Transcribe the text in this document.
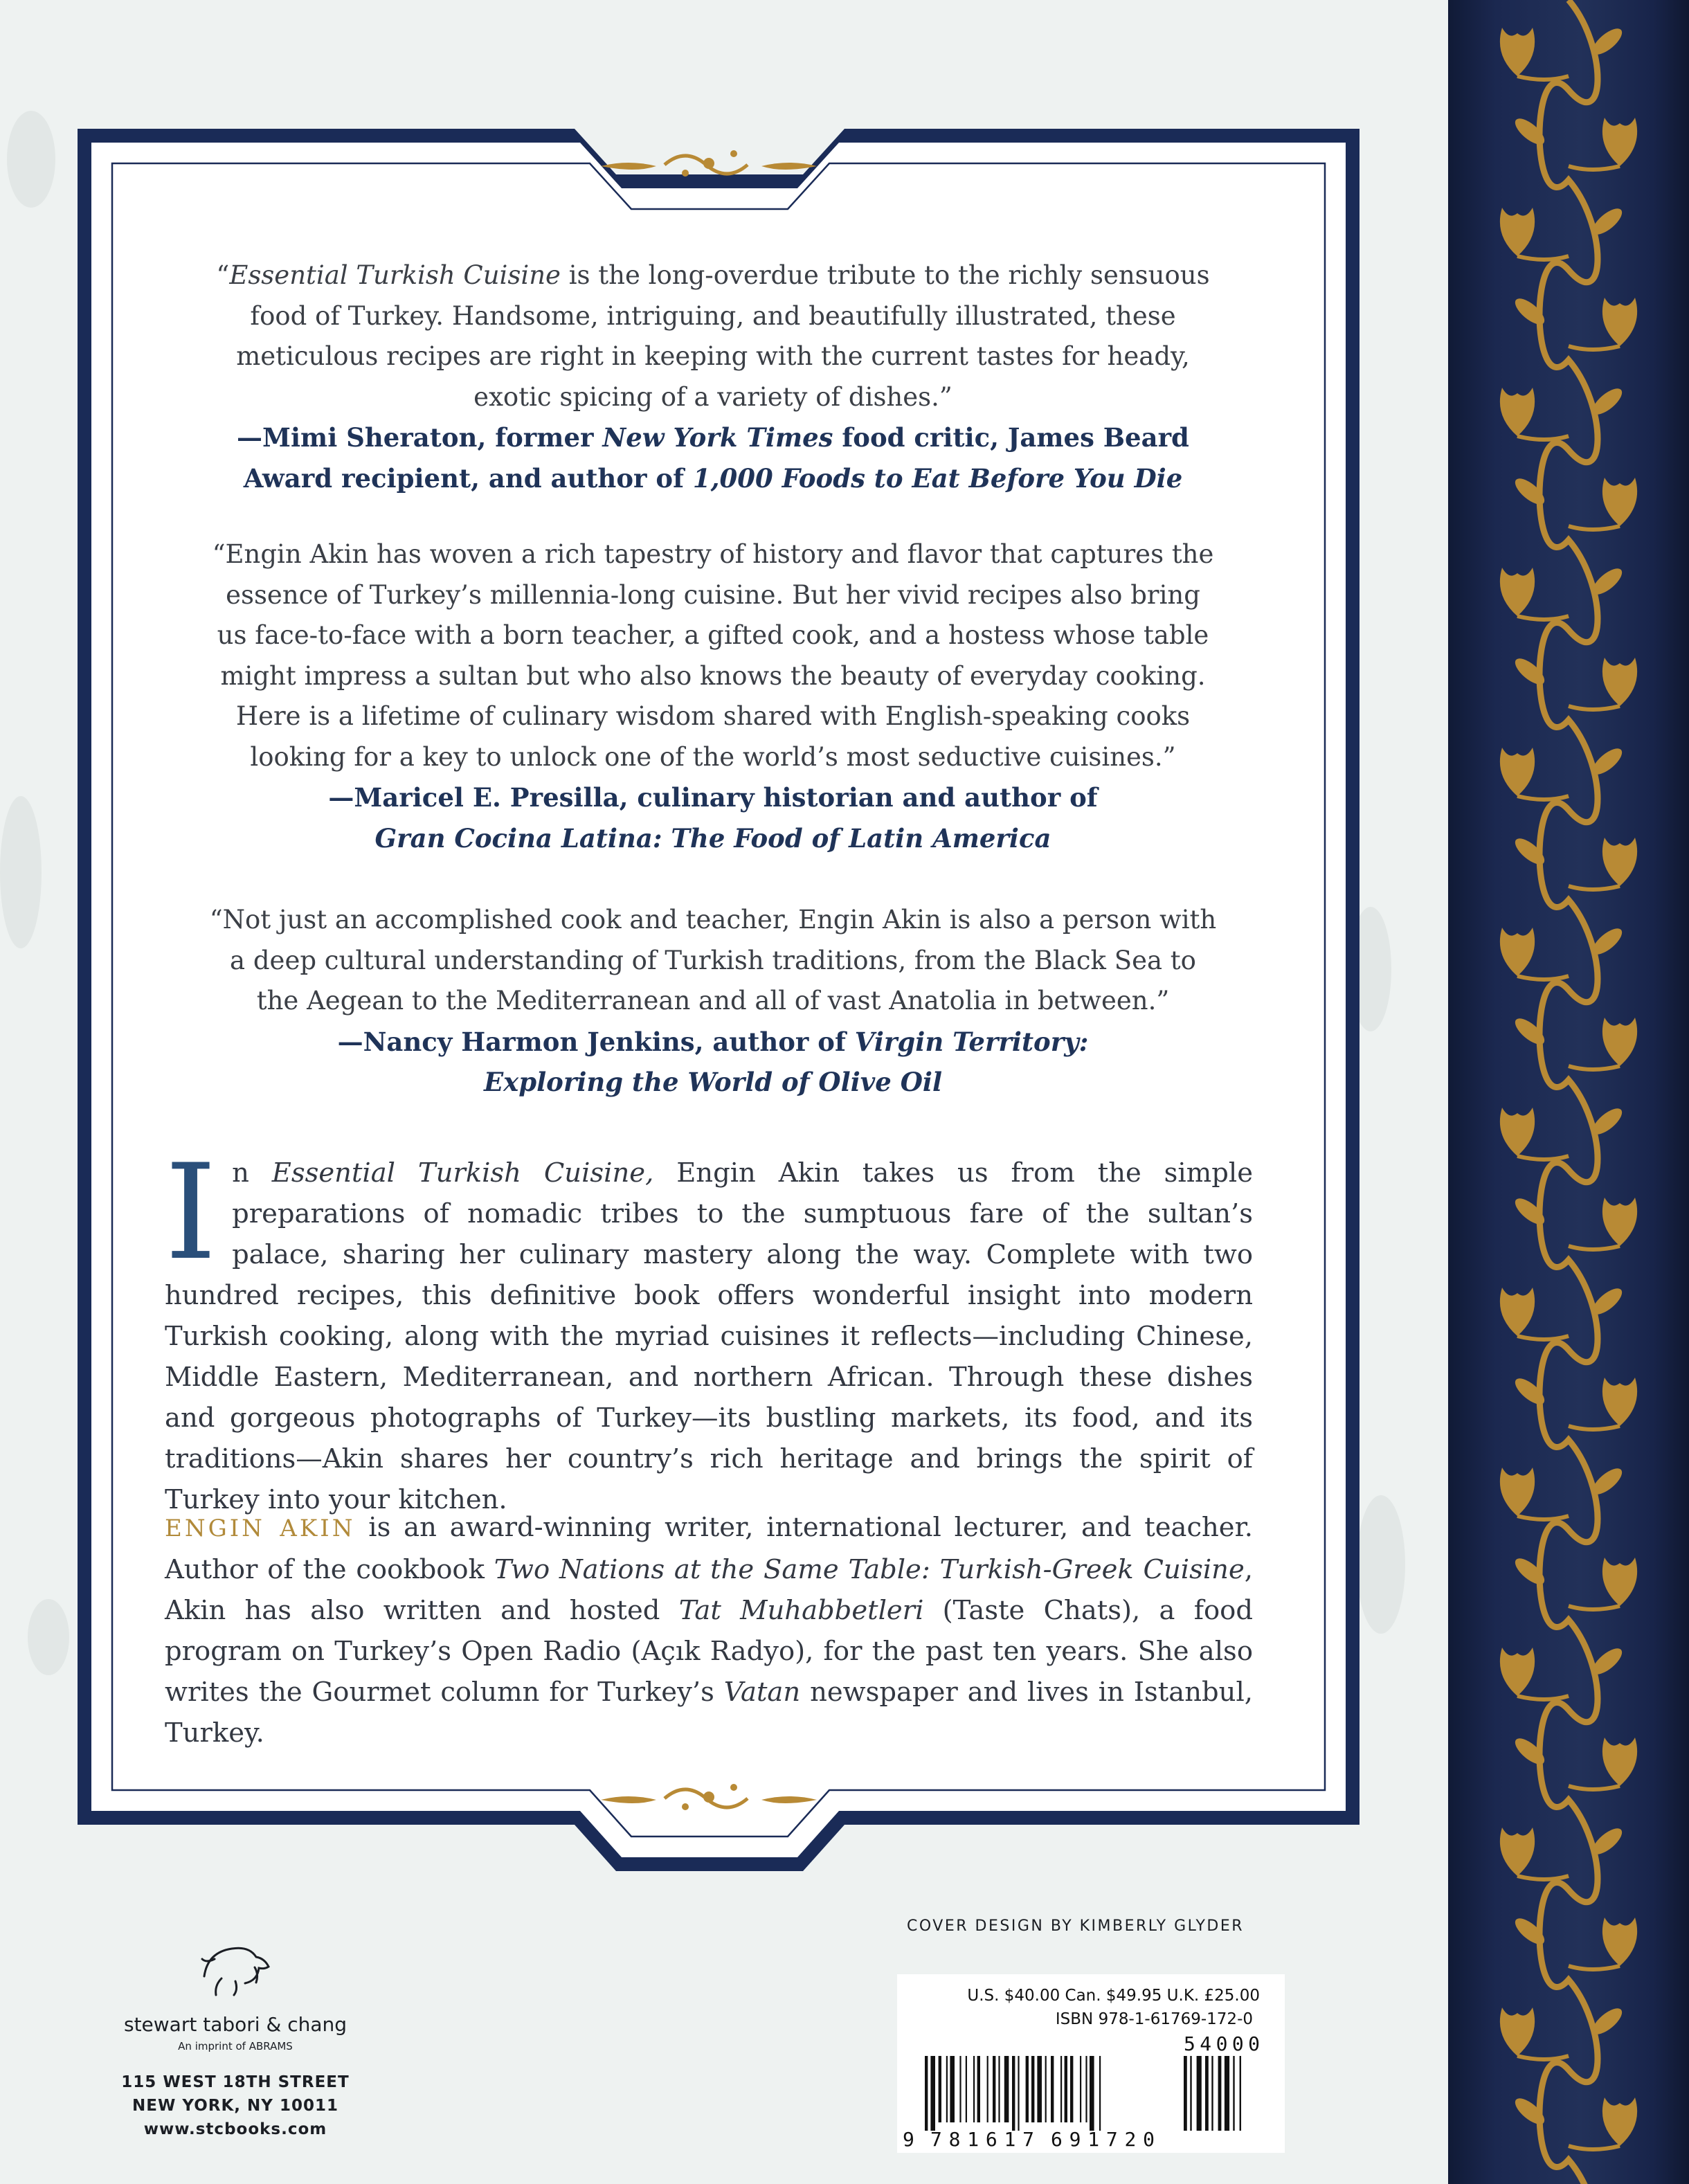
“Essential Turkish Cuisine is the long-overdue tribute to the richly sensuous food of Turkey. Handsome, intriguing, and beautifully illustrated, these meticulous recipes are right in keeping with the current tastes for heady, exotic spicing of a variety of dishes.”
—Mimi Sheraton, former New York Times food critic, James Beard Award recipient, and author of 1,000 Foods to Eat Before You Die
“Engin Akin has woven a rich tapestry of history and flavor that captures the essence of Turkey’s millennia-long cuisine. But her vivid recipes also bring us face-to-face with a born teacher, a gifted cook, and a hostess whose table might impress a sultan but who also knows the beauty of everyday cooking. Here is a lifetime of culinary wisdom shared with English-speaking cooks looking for a key to unlock one of the world’s most seductive cuisines.”
—Maricel E. Presilla, culinary historian and author of
Gran Cocina Latina: The Food of Latin America
“Not just an accomplished cook and teacher, Engin Akin is also a person with a deep cultural understanding of Turkish traditions, from the Black Sea to the Aegean to the Mediterranean and all of vast Anatolia in between.”
—Nancy Harmon Jenkins, author of Virgin Territory:
Exploring the World of Olive Oil
In Essential Turkish Cuisine, Engin Akin takes us from the simple preparations of nomadic tribes to the sumptuous fare of the sultan’s palace, sharing her culinary mastery along the way. Complete with two hundred recipes, this definitive book offers wonderful insight into modern Turkish cooking, along with the myriad cuisines it reflects—including Chinese, Middle Eastern, Mediterranean, and northern African. Through these dishes and gorgeous photographs of Turkey—its bustling markets, its food, and its traditions—Akin shares her country’s rich heritage and brings the spirit of Turkey into your kitchen.
ENGIN AKIN is an award-winning writer, international lecturer, and teacher. Author of the cookbook Two Nations at the Same Table: Turkish-Greek Cuisine, Akin has also written and hosted Tat Muhabbetleri (Taste Chats), a food program on Turkey’s Open Radio (Açık Radyo), for the past ten years. She also writes the Gourmet column for Turkey’s Vatan newspaper and lives in Istanbul, Turkey.
stewart tabori & chang
An imprint of ABRAMS
115 WEST 18TH STREET
NEW YORK, NY 10011
www.stcbooks.com
COVER DESIGN BY KIMBERLY GLYDER
U.S. $40.00 Can. $49.95 U.K. £25.00
ISBN 978-1-61769-172-0
9 781617 691720
54000
